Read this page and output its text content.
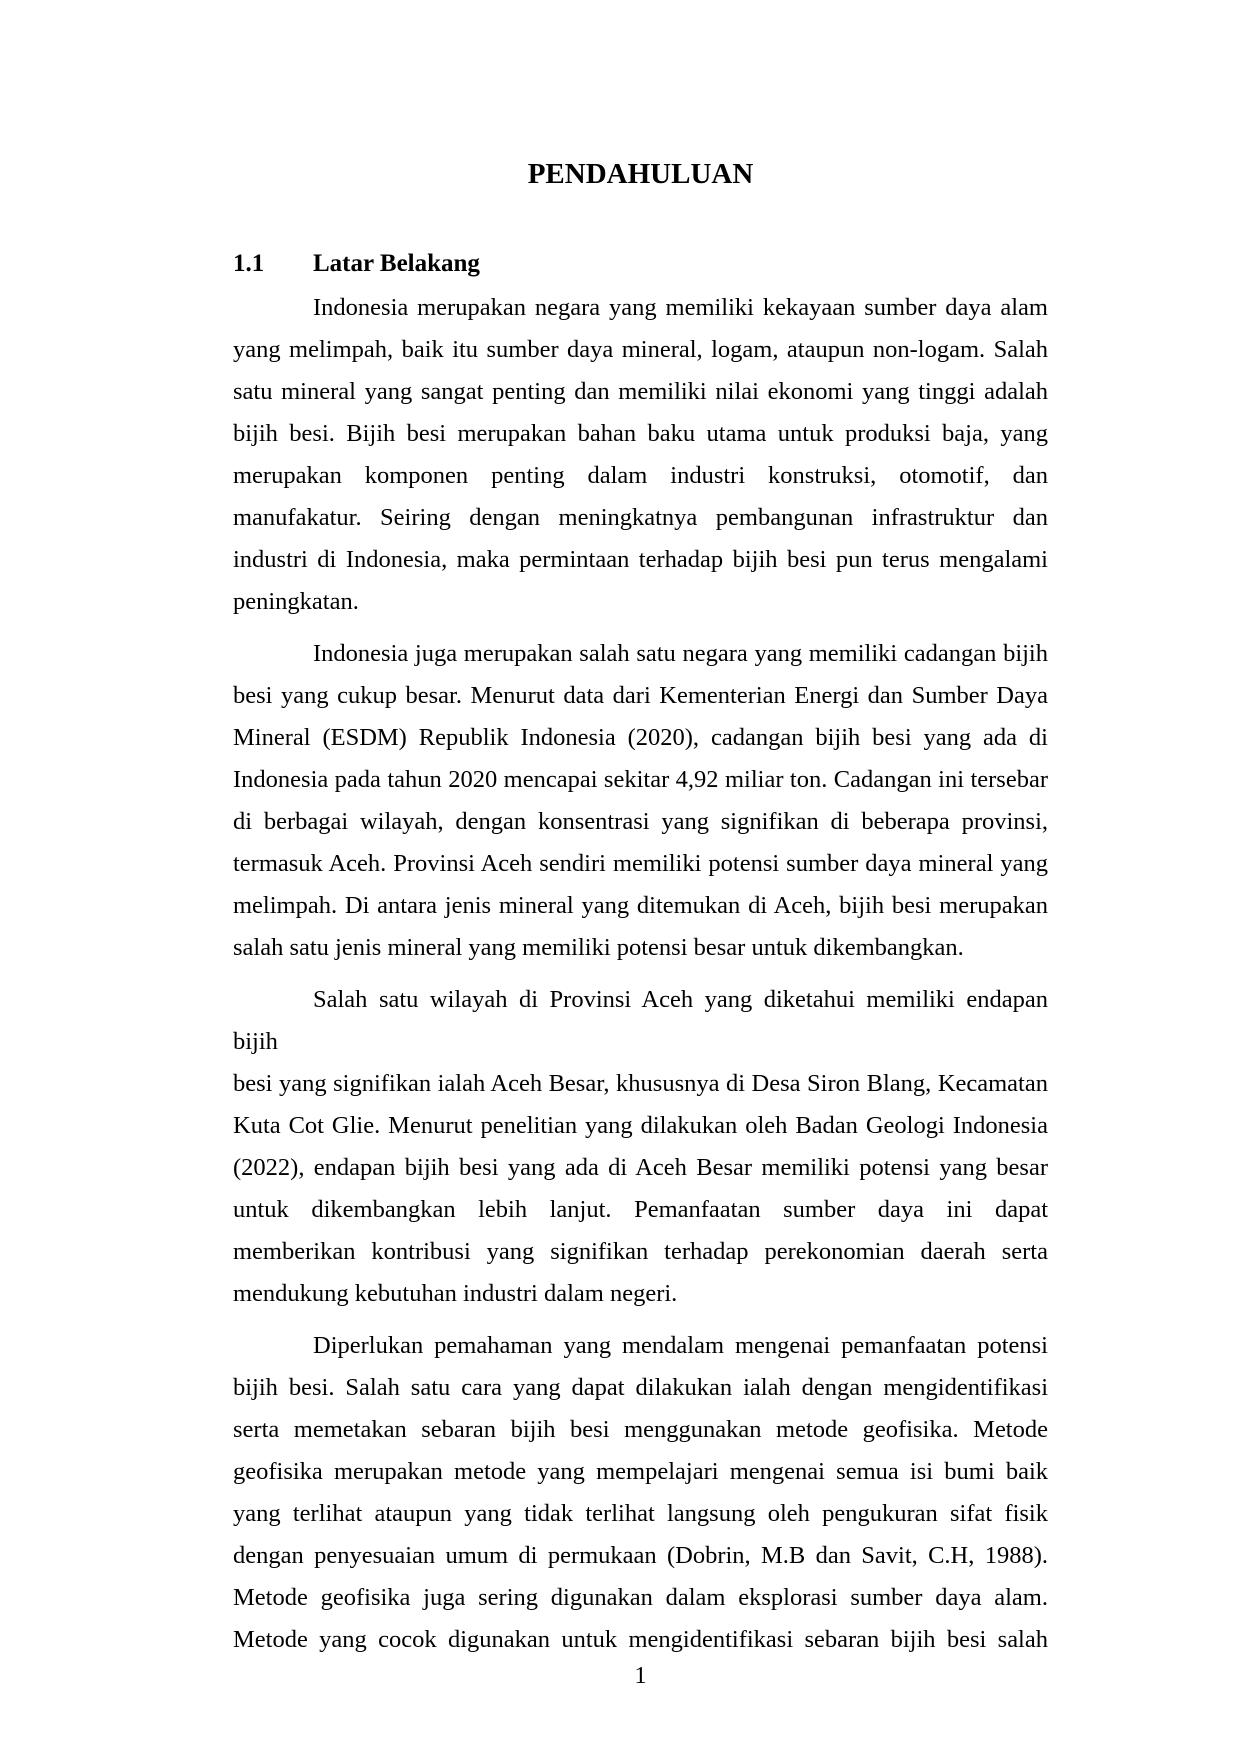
PENDAHULUAN
1.1	Latar Belakang
Indonesia merupakan negara yang memiliki kekayaan sumber daya alam
yang melimpah, baik itu sumber daya mineral, logam, ataupun non-logam. Salah
satu mineral yang sangat penting dan memiliki nilai ekonomi yang tinggi adalah
bijih besi. Bijih besi merupakan bahan baku utama untuk produksi baja, yang
merupakan komponen penting dalam industri konstruksi, otomotif, dan
manufakatur. Seiring dengan meningkatnya pembangunan infrastruktur dan
industri di Indonesia, maka permintaan terhadap bijih besi pun terus mengalami
peningkatan.
Indonesia juga merupakan salah satu negara yang memiliki cadangan bijih
besi yang cukup besar. Menurut data dari Kementerian Energi dan Sumber Daya
Mineral (ESDM) Republik Indonesia (2020), cadangan bijih besi yang ada di
Indonesia pada tahun 2020 mencapai sekitar 4,92 miliar ton. Cadangan ini tersebar
di berbagai wilayah, dengan konsentrasi yang signifikan di beberapa provinsi,
termasuk Aceh. Provinsi Aceh sendiri memiliki potensi sumber daya mineral yang
melimpah. Di antara jenis mineral yang ditemukan di Aceh, bijih besi merupakan
salah satu jenis mineral yang memiliki potensi besar untuk dikembangkan.
Salah satu wilayah di Provinsi Aceh yang diketahui memiliki endapan bijih
besi yang signifikan ialah Aceh Besar, khususnya di Desa Siron Blang, Kecamatan
Kuta Cot Glie. Menurut penelitian yang dilakukan oleh Badan Geologi Indonesia
(2022), endapan bijih besi yang ada di Aceh Besar memiliki potensi yang besar
untuk dikembangkan lebih lanjut. Pemanfaatan sumber daya ini dapat
memberikan kontribusi yang signifikan terhadap perekonomian daerah serta
mendukung kebutuhan industri dalam negeri.
Diperlukan pemahaman yang mendalam mengenai pemanfaatan potensi
bijih besi. Salah satu cara yang dapat dilakukan ialah dengan mengidentifikasi
serta memetakan sebaran bijih besi menggunakan metode geofisika. Metode
geofisika merupakan metode yang mempelajari mengenai semua isi bumi baik
yang terlihat ataupun yang tidak terlihat langsung oleh pengukuran sifat fisik
dengan penyesuaian umum di permukaan (Dobrin, M.B dan Savit, C.H, 1988).
Metode geofisika juga sering digunakan dalam eksplorasi sumber daya alam.
Metode yang cocok digunakan untuk mengidentifikasi sebaran bijih besi salah
1
